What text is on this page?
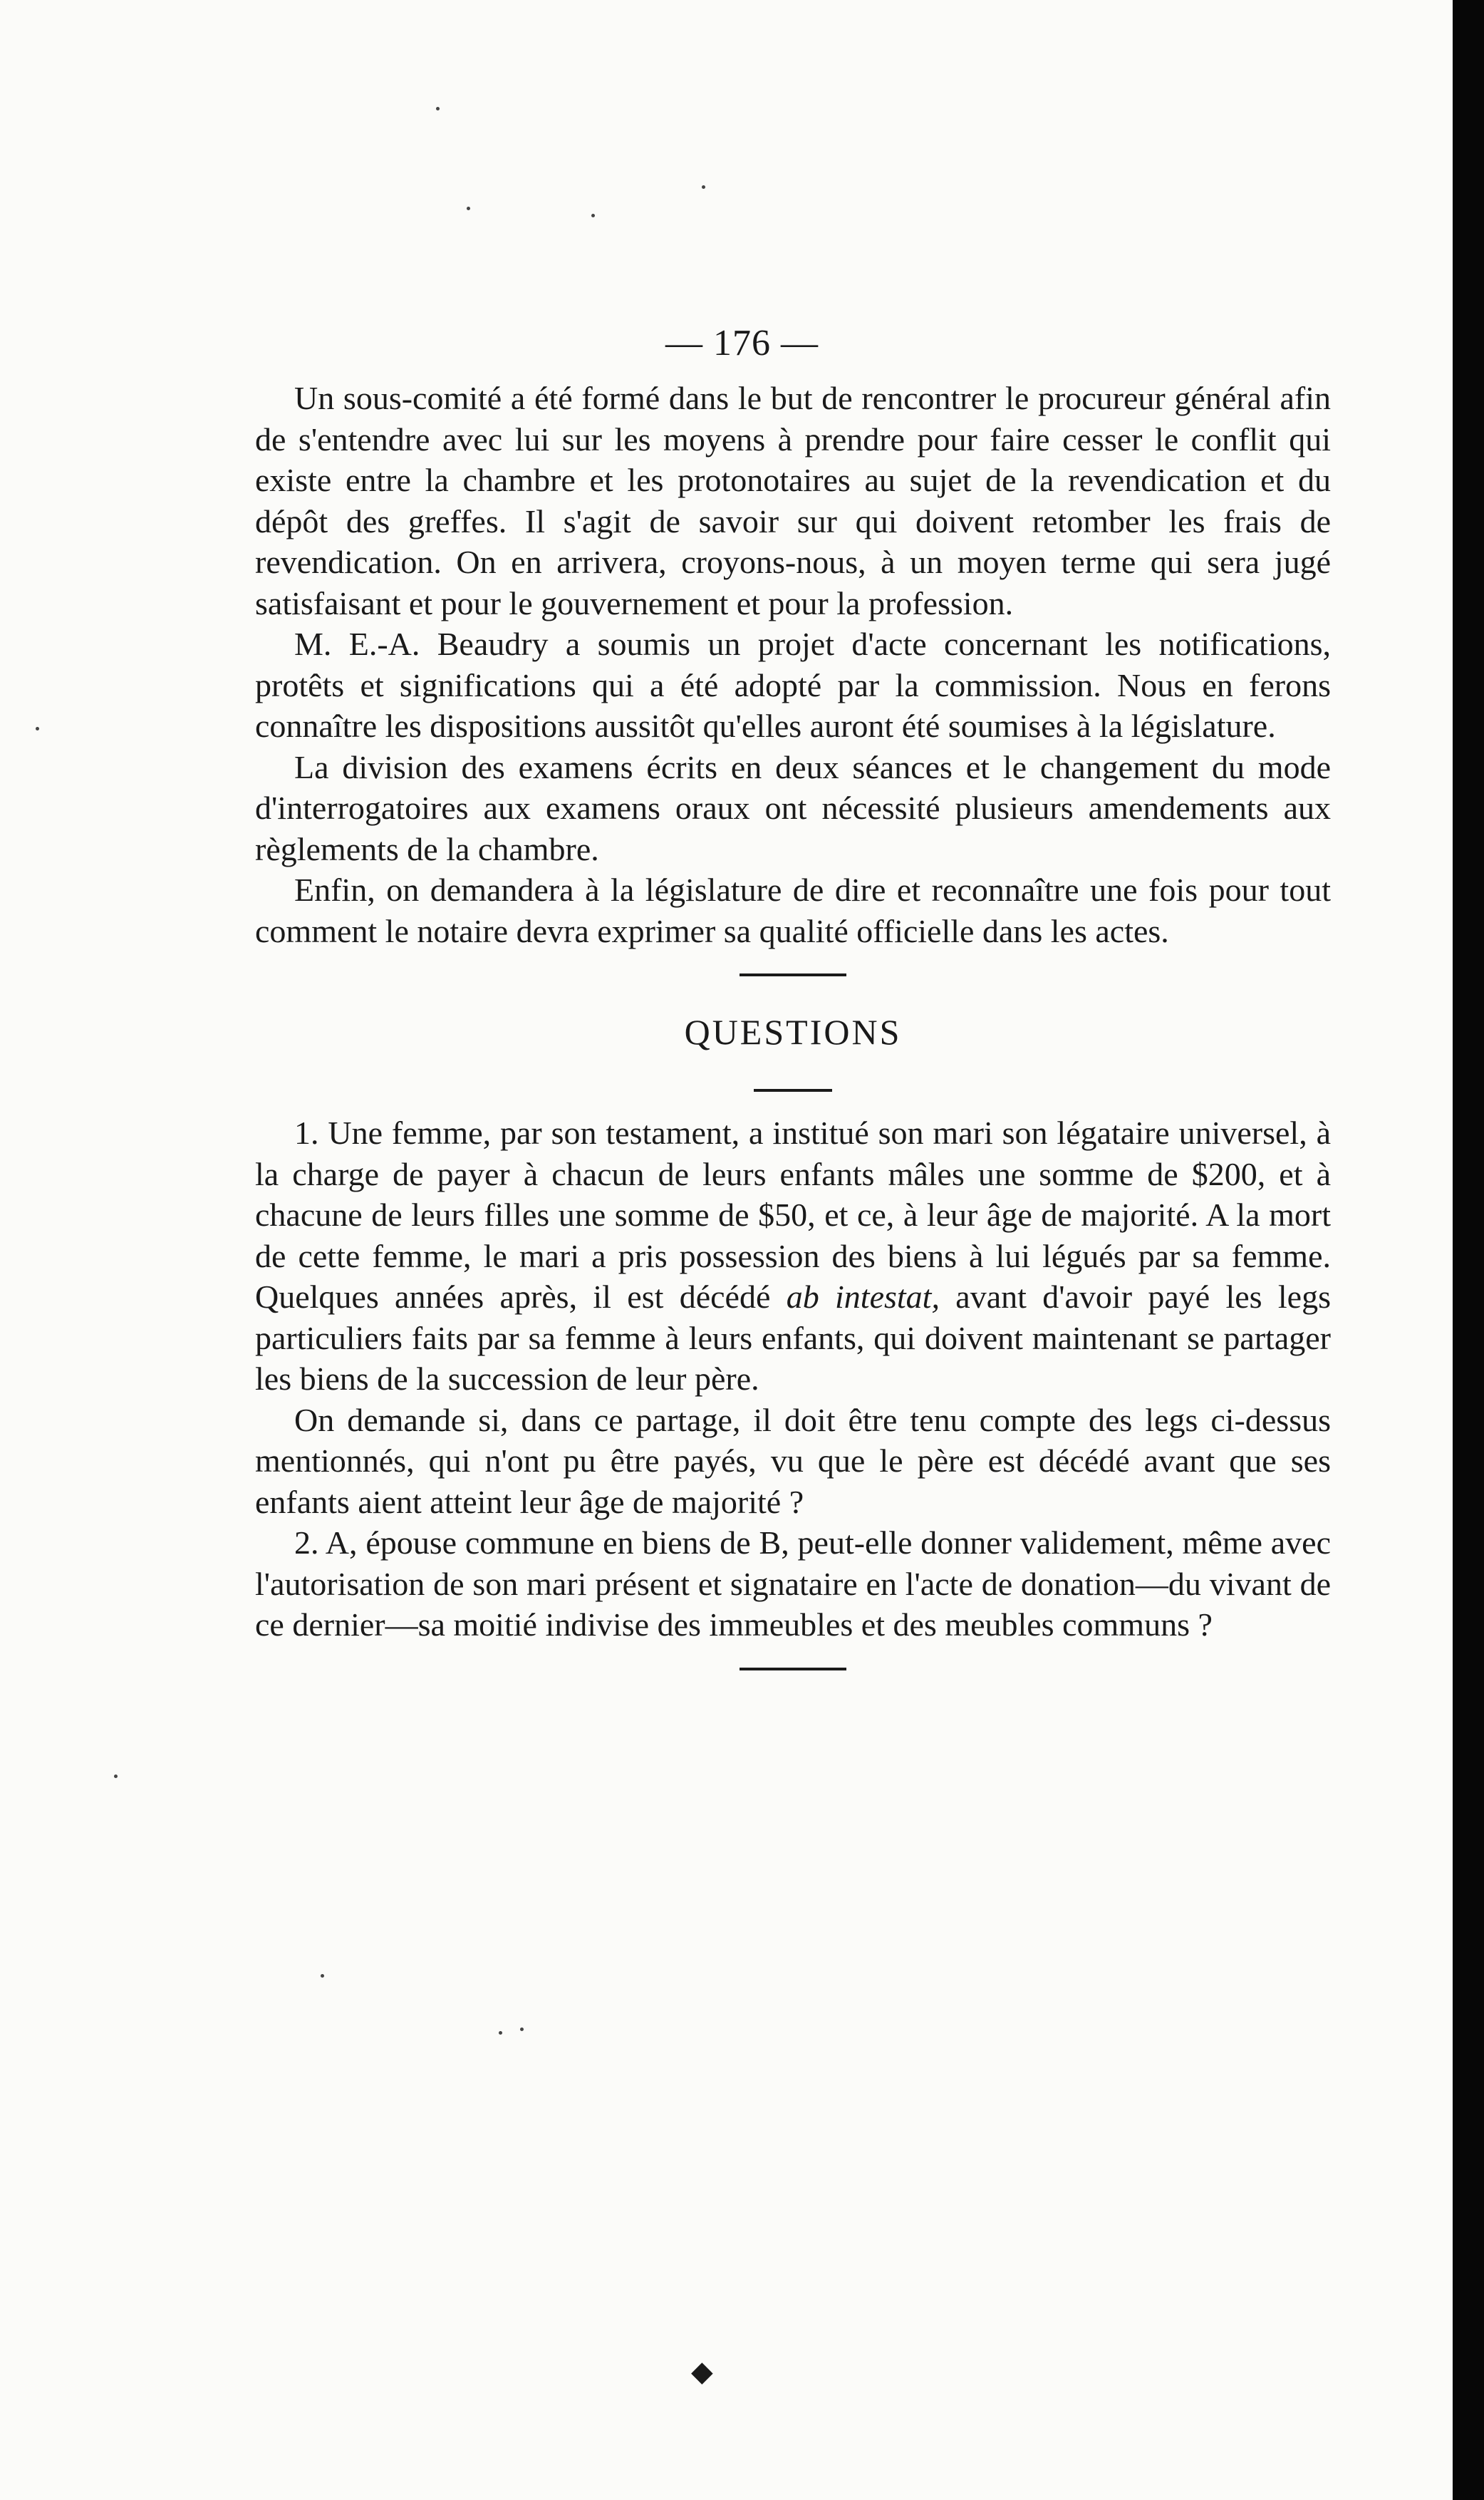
— 176 —

Un sous-comité a été formé dans le but de rencontrer le procureur général afin de s'entendre avec lui sur les moyens à prendre pour faire cesser le conflit qui existe entre la chambre et les protonotaires au sujet de la revendication et du dépôt des greffes. Il s'agit de savoir sur qui doivent retomber les frais de revendication. On en arrivera, croyons-nous, à un moyen terme qui sera jugé satisfaisant et pour le gouvernement et pour la profession.

M. E.-A. Beaudry a soumis un projet d'acte concernant les notifications, protêts et significations qui a été adopté par la commission. Nous en ferons connaître les dispositions aussitôt qu'elles auront été soumises à la législature.

La division des examens écrits en deux séances et le changement du mode d'interrogatoires aux examens oraux ont nécessité plusieurs amendements aux règlements de la chambre.

Enfin, on demandera à la législature de dire et reconnaître une fois pour tout comment le notaire devra exprimer sa qualité officielle dans les actes.

QUESTIONS

1. Une femme, par son testament, a institué son mari son légataire universel, à la charge de payer à chacun de leurs enfants mâles une somme de $200, et à chacune de leurs filles une somme de $50, et ce, à leur âge de majorité. A la mort de cette femme, le mari a pris possession des biens à lui légués par sa femme. Quelques années après, il est décédé ab intestat, avant d'avoir payé les legs particuliers faits par sa femme à leurs enfants, qui doivent maintenant se partager les biens de la succession de leur père.

On demande si, dans ce partage, il doit être tenu compte des legs ci-dessus mentionnés, qui n'ont pu être payés, vu que le père est décédé avant que ses enfants aient atteint leur âge de majorité ?

2. A, épouse commune en biens de B, peut-elle donner validement, même avec l'autorisation de son mari présent et signataire en l'acte de donation—du vivant de ce dernier—sa moitié indivise des immeubles et des meubles communs ?

◆
